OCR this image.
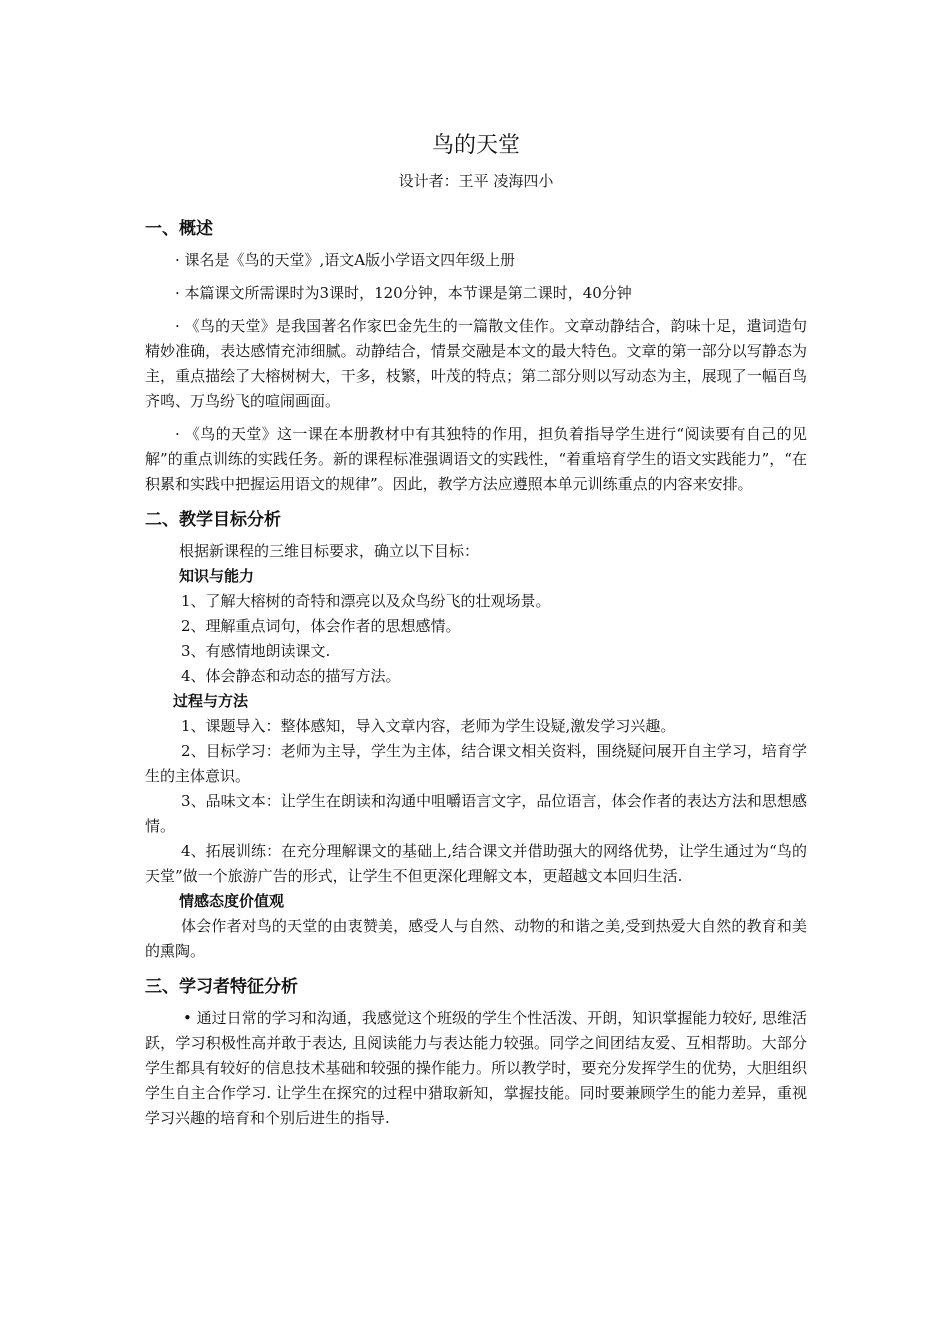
鸟的天堂
设计者：王平 凌海四小
一、概述

· 课名是《鸟的天堂》,语文A版小学语文四年级上册

· 本篇课文所需课时为3课时，120分钟，本节课是第二课时，40分钟

· 《鸟的天堂》是我国著名作家巴金先生的一篇散文佳作。文章动静结合，韵味十足，遣词造句精妙准确，表达感情充沛细腻。动静结合，情景交融是本文的最大特色。文章的第一部分以写静态为主，重点描绘了大榕树树大，干多，枝繁，叶茂的特点；第二部分则以写动态为主，展现了一幅百鸟齐鸣、万鸟纷飞的喧闹画面。

· 《鸟的天堂》这一课在本册教材中有其独特的作用，担负着指导学生进行“阅读要有自己的见解”的重点训练的实践任务。新的课程标准强调语文的实践性，“着重培育学生的语文实践能力”，“在积累和实践中把握运用语文的规律”。因此，教学方法应遵照本单元训练重点的内容来安排。

二、教学目标分析

根据新课程的三维目标要求，确立以下目标：

知识与能力

1、了解大榕树的奇特和漂亮以及众鸟纷飞的壮观场景。

2、理解重点词句，体会作者的思想感情。

3、有感情地朗读课文.

4、体会静态和动态的描写方法。

过程与方法

1、课题导入：整体感知，导入文章内容，老师为学生设疑,激发学习兴趣。

2、目标学习：老师为主导，学生为主体，结合课文相关资料，围绕疑问展开自主学习，培育学生的主体意识。

3、品味文本：让学生在朗读和沟通中咀嚼语言文字，品位语言，体会作者的表达方法和思想感情。

4、拓展训练：在充分理解课文的基础上,结合课文并借助强大的网络优势，让学生通过为“鸟的天堂”做一个旅游广告的形式，让学生不但更深化理解文本，更超越文本回归生活.

情感态度价值观

体会作者对鸟的天堂的由衷赞美，感受人与自然、动物的和谐之美,受到热爱大自然的教育和美的熏陶。

三、学习者特征分析

• 通过日常的学习和沟通，我感觉这个班级的学生个性活泼、开朗，知识掌握能力较好, 思维活跃，学习积极性高并敢于表达, 且阅读能力与表达能力较强。同学之间团结友爱、互相帮助。大部分学生都具有较好的信息技术基础和较强的操作能力。所以教学时，要充分发挥学生的优势，大胆组织学生自主合作学习. 让学生在探究的过程中猎取新知，掌握技能。同时要兼顾学生的能力差异，重视学习兴趣的培育和个别后进生的指导.
